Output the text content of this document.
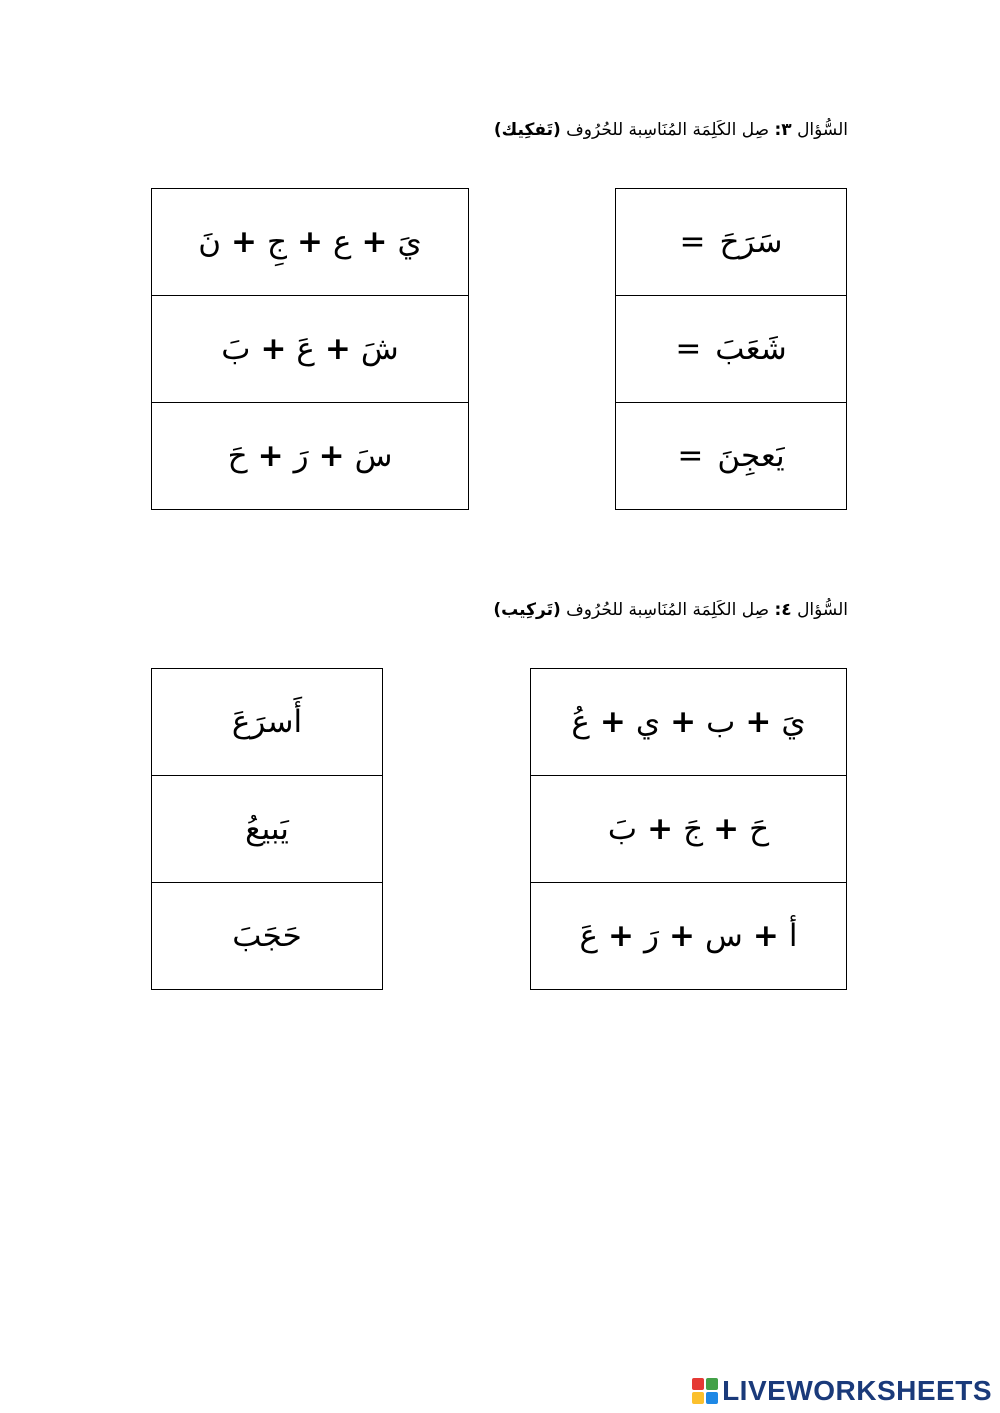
السُّؤال ٣: صِل الكَلِمَة المُنَاسِبة للحُرُوف (تَفكِيك)
سَرَحَ=
شَعَبَ=
يَعجِنَ=
يَ+ع+جِ+نَ
شَ+عَ+بَ
سَ+رَ+حَ
السُّؤال ٤: صِل الكَلِمَة المُنَاسِبة للحُرُوف (تَركِيب)
يَ+ب+ي+عُ
حَ+جَ+بَ
أ+س+رَ+عَ
أَسرَعَ
يَبيعُ
حَجَبَ
LIVEWORKSHEETS
